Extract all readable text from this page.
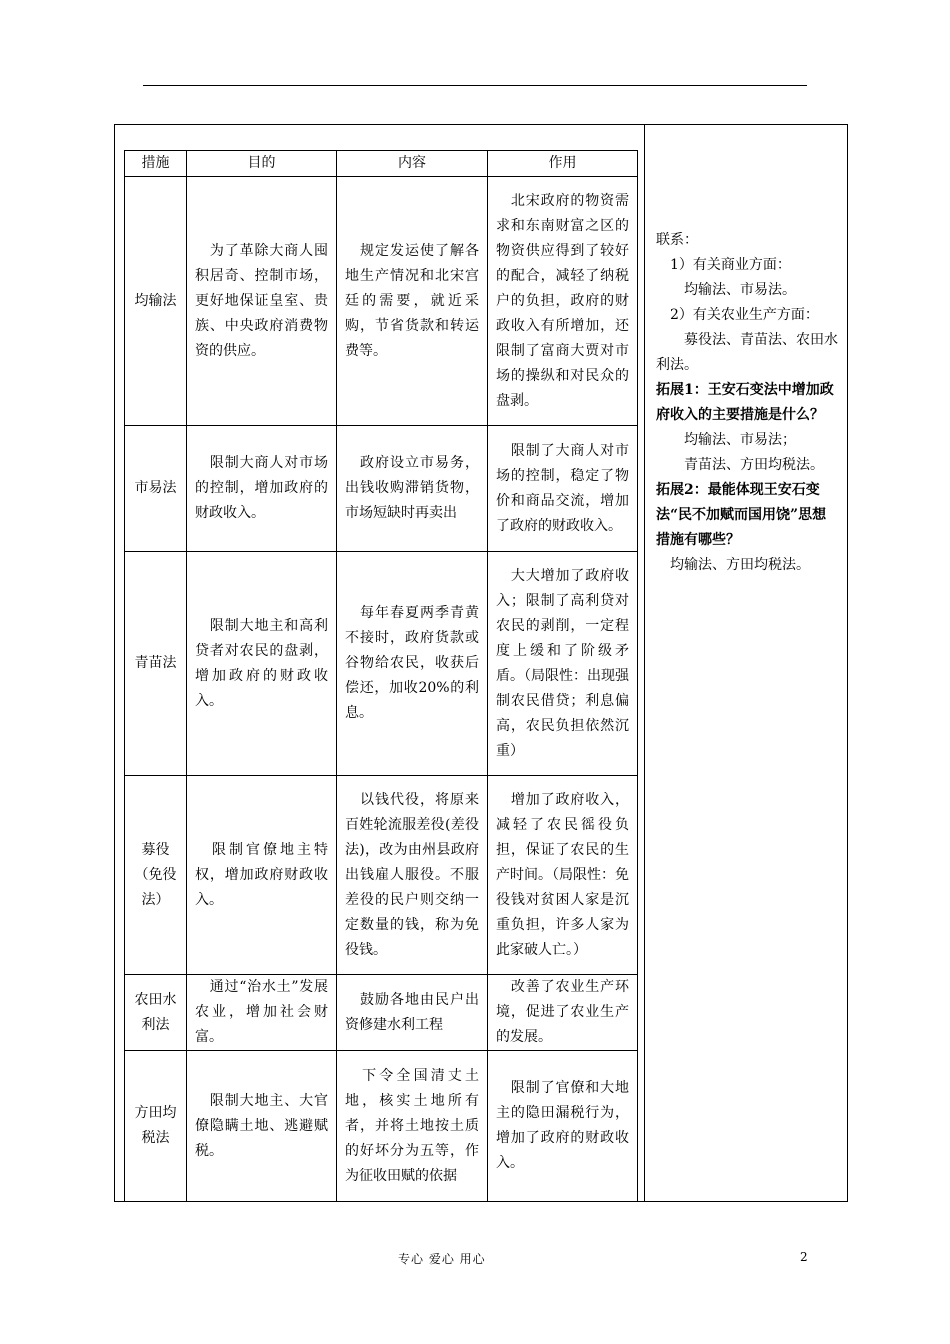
措施	目的	内容	作用
均输法	　为了革除大商人囤积居奇、控制市场，更好地保证皇室、贵族、中央政府消费物资的供应。	　规定发运使了解各地生产情况和北宋宫廷的需要，就近采购，节省货款和转运费等。	　北宋政府的物资需求和东南财富之区的物资供应得到了较好的配合，减轻了纳税户的负担，政府的财政收入有所增加，还限制了富商大贾对市场的操纵和对民众的盘剥。
市易法	　限制大商人对市场的控制，增加政府的财政收入。	　政府设立市易务，出钱收购滞销货物，市场短缺时再卖出	　限制了大商人对市场的控制，稳定了物价和商品交流，增加了政府的财政收入。
青苗法	　限制大地主和高利贷者对农民的盘剥，增加政府的财政收入。	　每年春夏两季青黄不接时，政府货款或谷物给农民，收获后偿还，加收20%的利息。	　大大增加了政府收入；限制了高利贷对农民的剥削，一定程度上缓和了阶级矛盾。（局限性：出现强制农民借贷；利息偏高，农民负担依然沉重）
募役（免役法）	　限制官僚地主特权，增加政府财政收入。	　以钱代役，将原来百姓轮流服差役(差役法)，改为由州县政府出钱雇人服役。不服差役的民户则交纳一定数量的钱，称为免役钱。	　增加了政府收入，减轻了农民徭役负担，保证了农民的生产时间。（局限性：免役钱对贫困人家是沉重负担，许多人家为此家破人亡。）
农田水利法	　通过“治水土”发展农业，增加社会财富。	　鼓励各地由民户出资修建水利工程	　改善了农业生产环境，促进了农业生产的发展。
方田均税法	　限制大地主、大官僚隐瞒土地、逃避赋税。	　下令全国清丈土地，核实土地所有者，并将土地按土质的好坏分为五等，作为征收田赋的依据	　限制了官僚和大地主的隐田漏税行为，增加了政府的财政收入。

联系：

　1）有关商业方面：

　　均输法、市易法。

　2）有关农业生产方面：

　　募役法、青苗法、农田水利法。

拓展1：王安石变法中增加政府收入的主要措施是什么？

　　均输法、市易法；

　　青苗法、方田均税法。

拓展2：最能体现王安石变法“民不加赋而国用饶”思想措施有哪些？

　均输法、方田均税法。

专心 爱心 用心	2
